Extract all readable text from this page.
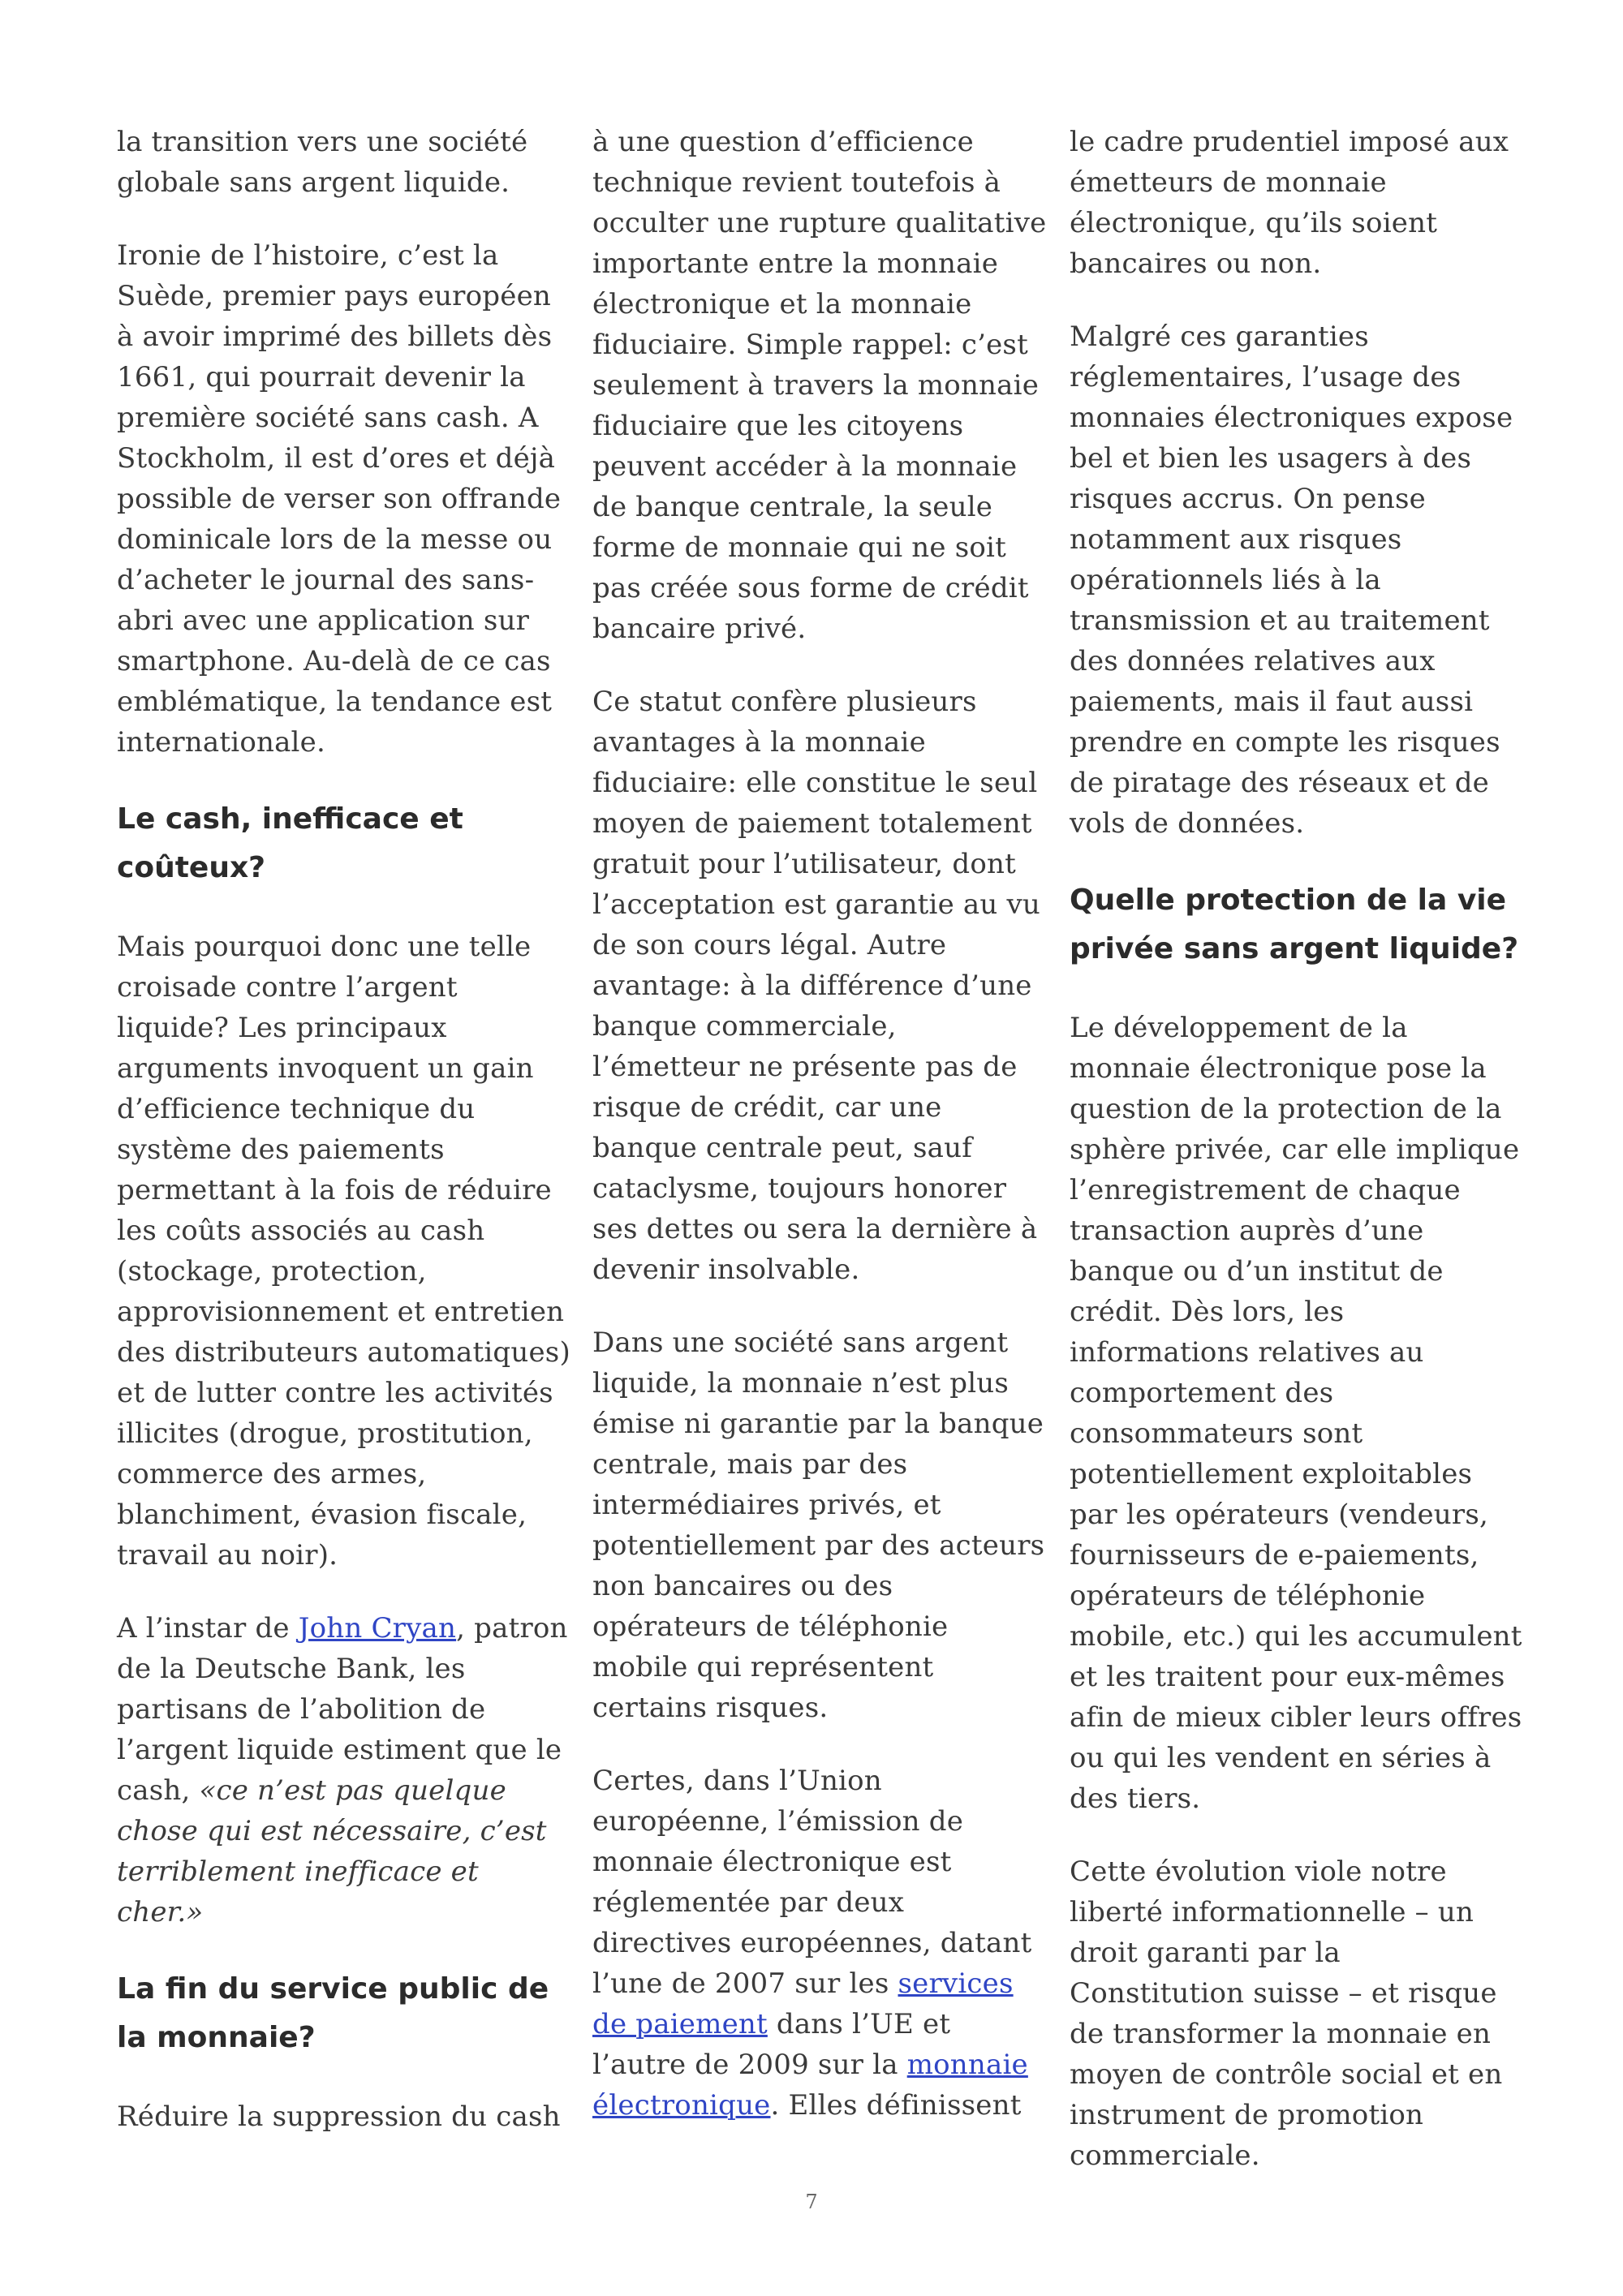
la transition vers une société globale sans argent liquide.

Ironie de l’histoire, c’est la Suède, premier pays européen à avoir imprimé des billets dès 1661, qui pourrait devenir la première société sans cash. A Stockholm, il est d’ores et déjà possible de verser son offrande dominicale lors de la messe ou d’acheter le journal des sans-abri avec une application sur smartphone. Au-delà de ce cas emblématique, la tendance est internationale.

Le cash, inefficace et coûteux?

Mais pourquoi donc une telle croisade contre l’argent liquide? Les principaux arguments invoquent un gain d’efficience technique du système des paiements permettant à la fois de réduire les coûts associés au cash (stockage, protection, approvisionnement et entretien des distributeurs automatiques) et de lutter contre les activités illicites (drogue, prostitution, commerce des armes, blanchiment, évasion fiscale, travail au noir).

A l’instar de John Cryan, patron de la Deutsche Bank, les partisans de l’abolition de l’argent liquide estiment que le cash, «ce n’est pas quelque chose qui est nécessaire, c’est terriblement inefficace et cher.»

La fin du service public de la monnaie?

Réduire la suppression du cash

à une question d’efficience technique revient toutefois à occulter une rupture qualitative importante entre la monnaie électronique et la monnaie fiduciaire. Simple rappel: c’est seulement à travers la monnaie fiduciaire que les citoyens peuvent accéder à la monnaie de banque centrale, la seule forme de monnaie qui ne soit pas créée sous forme de crédit bancaire privé.

Ce statut confère plusieurs avantages à la monnaie fiduciaire: elle constitue le seul moyen de paiement totalement gratuit pour l’utilisateur, dont l’acceptation est garantie au vu de son cours légal. Autre avantage: à la différence d’une banque commerciale, l’émetteur ne présente pas de risque de crédit, car une banque centrale peut, sauf cataclysme, toujours honorer ses dettes ou sera la dernière à devenir insolvable.

Dans une société sans argent liquide, la monnaie n’est plus émise ni garantie par la banque centrale, mais par des intermédiaires privés, et potentiellement par des acteurs non bancaires ou des opérateurs de téléphonie mobile qui représentent certains risques.

Certes, dans l’Union européenne, l’émission de monnaie électronique est réglementée par deux directives européennes, datant l’une de 2007 sur les services de paiement dans l’UE et l’autre de 2009 sur la monnaie électronique. Elles définissent

le cadre prudentiel imposé aux émetteurs de monnaie électronique, qu’ils soient bancaires ou non.

Malgré ces garanties réglementaires, l’usage des monnaies électroniques expose bel et bien les usagers à des risques accrus. On pense notamment aux risques opérationnels liés à la transmission et au traitement des données relatives aux paiements, mais il faut aussi prendre en compte les risques de piratage des réseaux et de vols de données.

Quelle protection de la vie privée sans argent liquide?

Le développement de la monnaie électronique pose la question de la protection de la sphère privée, car elle implique l’enregistrement de chaque transaction auprès d’une banque ou d’un institut de crédit. Dès lors, les informations relatives au comportement des consommateurs sont potentiellement exploitables par les opérateurs (vendeurs, fournisseurs de e-paiements, opérateurs de téléphonie mobile, etc.) qui les accumulent et les traitent pour eux-mêmes afin de mieux cibler leurs offres ou qui les vendent en séries à des tiers.

Cette évolution viole notre liberté informationnelle – un droit garanti par la Constitution suisse – et risque de transformer la monnaie en moyen de contrôle social et en instrument de promotion commerciale.

7
